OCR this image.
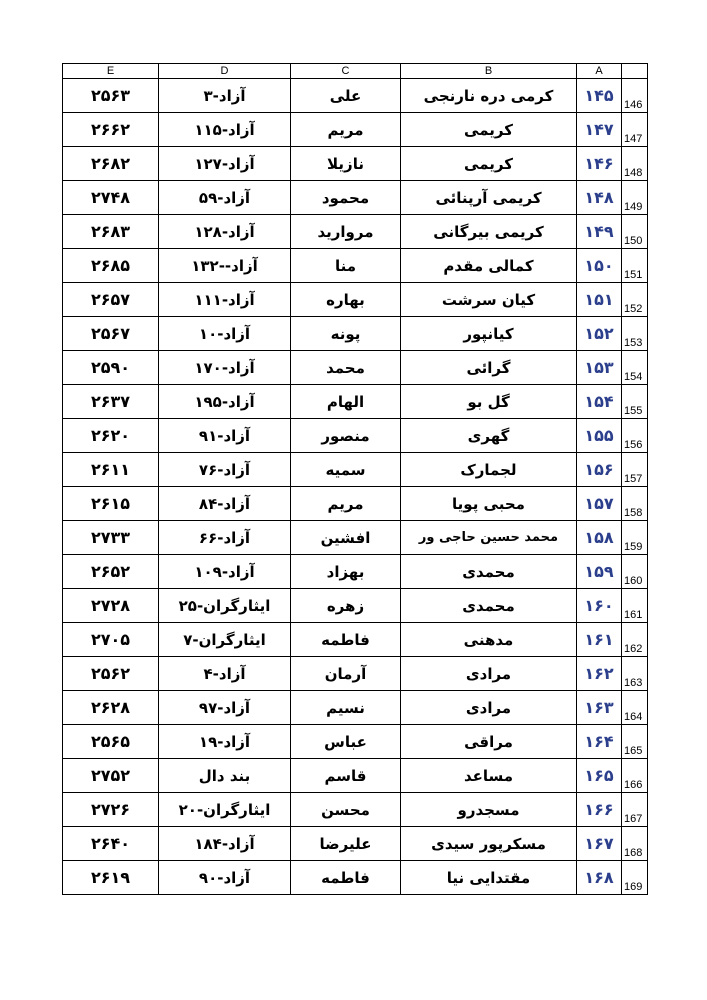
E	D	C	B	A	
۲۵۶۳	آزاد-۳	علی	کرمی دره نارنجی	۱۴۵	146
۲۶۶۲	آزاد-۱۱۵	مریم	کریمی	۱۴۷	147
۲۶۸۲	آزاد-۱۲۷	نازیلا	کریمی	۱۴۶	148
۲۷۴۸	آزاد-۵۹	محمود	کریمی آرپنائی	۱۴۸	149
۲۶۸۳	آزاد-۱۲۸	مروارید	کریمی بیرگانی	۱۴۹	150
۲۶۸۵	آزاد--۱۳۲	منا	کمالی مقدم	۱۵۰	151
۲۶۵۷	آزاد-۱۱۱	بهاره	کیان سرشت	۱۵۱	152
۲۵۶۷	آزاد-۱۰	پونه	کیانپور	۱۵۲	153
۲۵۹۰	آزاد-۱۷۰	محمد	گرائی	۱۵۳	154
۲۶۳۷	آزاد-۱۹۵	الهام	گل بو	۱۵۴	155
۲۶۲۰	آزاد-۹۱	منصور	گهری	۱۵۵	156
۲۶۱۱	آزاد-۷۶	سمیه	لجمارک	۱۵۶	157
۲۶۱۵	آزاد-۸۴	مریم	محبی پویا	۱۵۷	158
۲۷۳۳	آزاد-۶۶	افشین	محمد حسین حاجی ور	۱۵۸	159
۲۶۵۲	آزاد-۱۰۹	بهزاد	محمدی	۱۵۹	160
۲۷۲۸	ایثارگران-۲۵	زهره	محمدی	۱۶۰	161
۲۷۰۵	ایثارگران-۷	فاطمه	مدهنی	۱۶۱	162
۲۵۶۲	آزاد-۴	آرمان	مرادی	۱۶۲	163
۲۶۲۸	آزاد-۹۷	نسیم	مرادی	۱۶۳	164
۲۵۶۵	آزاد-۱۹	عباس	مراقی	۱۶۴	165
۲۷۵۲	بند دال	قاسم	مساعد	۱۶۵	166
۲۷۲۶	ایثارگران-۲۰	محسن	مسجدرو	۱۶۶	167
۲۶۴۰	آزاد-۱۸۴	علیرضا	مسکرپور سیدی	۱۶۷	168
۲۶۱۹	آزاد-۹۰	فاطمه	مقتدایی نیا	۱۶۸	169
